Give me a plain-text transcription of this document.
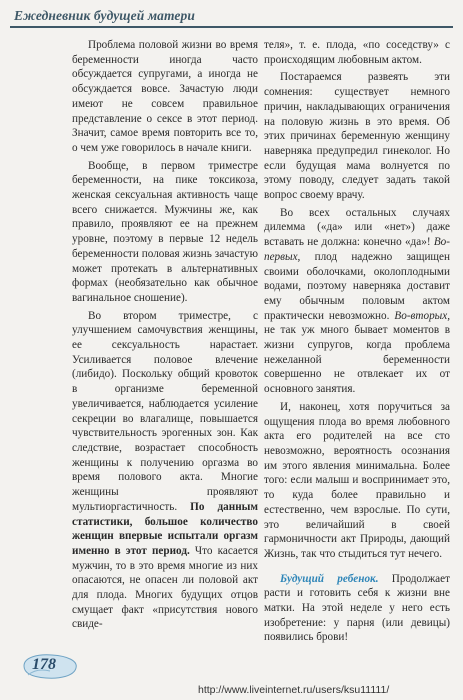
Ежедневник будущей матери

Проблема половой жизни во время беременности иногда часто обсуждается супругами, а иногда не обсуждается вовсе. Зачастую люди имеют не совсем правильное представление о сексе в этот период. Значит, самое время повторить все то, о чем уже говорилось в начале книги.

Вообще, в первом триместре беременности, на пике токсикоза, женская сексуальная активность чаще всего снижается. Мужчины же, как правило, проявляют ее на прежнем уровне, поэтому в первые 12 недель беременности половая жизнь зачастую может протекать в альтернативных формах (необязательно как обычное вагинальное сношение).

Во втором триместре, с улучшением самочувствия женщины, ее сексуальность нарастает. Усиливается половое влечение (либидо). Поскольку общий кровоток в организме беременной увеличивается, наблюдается усиление секреции во влагалище, повышается чувствительность эрогенных зон. Как следствие, возрастает способность женщины к получению оргазма во время полового акта. Многие женщины проявляют мультиоргастичность. По данным статистики, большое количество женщин впервые испытали оргазм именно в этот период. Что касается мужчин, то в это время многие из них опасаются, не опасен ли половой акт для плода. Многих будущих отцов смущает факт «присутствия нового свиде-

теля», т. е. плода, «по соседству» с происходящим любовным актом.

Постараемся развеять эти сомнения: существует немного причин, накладывающих ограничения на половую жизнь в это время. Об этих причинах беременную женщину наверняка предупредил гинеколог. Но если будущая мама волнуется по этому поводу, следует задать такой вопрос своему врачу.

Во всех остальных случаях дилемма («да» или «нет») даже вставать не должна: конечно «да»! Во-первых, плод надежно защищен своими оболочками, околоплодными водами, поэтому наверняка доставит ему обычным половым актом практически невозможно. Во-вторых, не так уж много бывает моментов в жизни супругов, когда проблема нежеланной беременности совершенно не отвлекает их от основного занятия.

И, наконец, хотя поручиться за ощущения плода во время любовного акта его родителей на все сто невозможно, вероятность осознания им этого явления минимальна. Более того: если малыш и воспринимает это, то куда более правильно и естественно, чем взрослые. По сути, это величайший в своей гармоничности акт Природы, дающий Жизнь, так что стыдиться тут нечего.

Будущий ребенок. Продолжает расти и готовить себя к жизни вне матки. На этой неделе у него есть изобретение: у парня (или девицы) появились брови!

178
http://www.liveinternet.ru/users/ksu11111/
